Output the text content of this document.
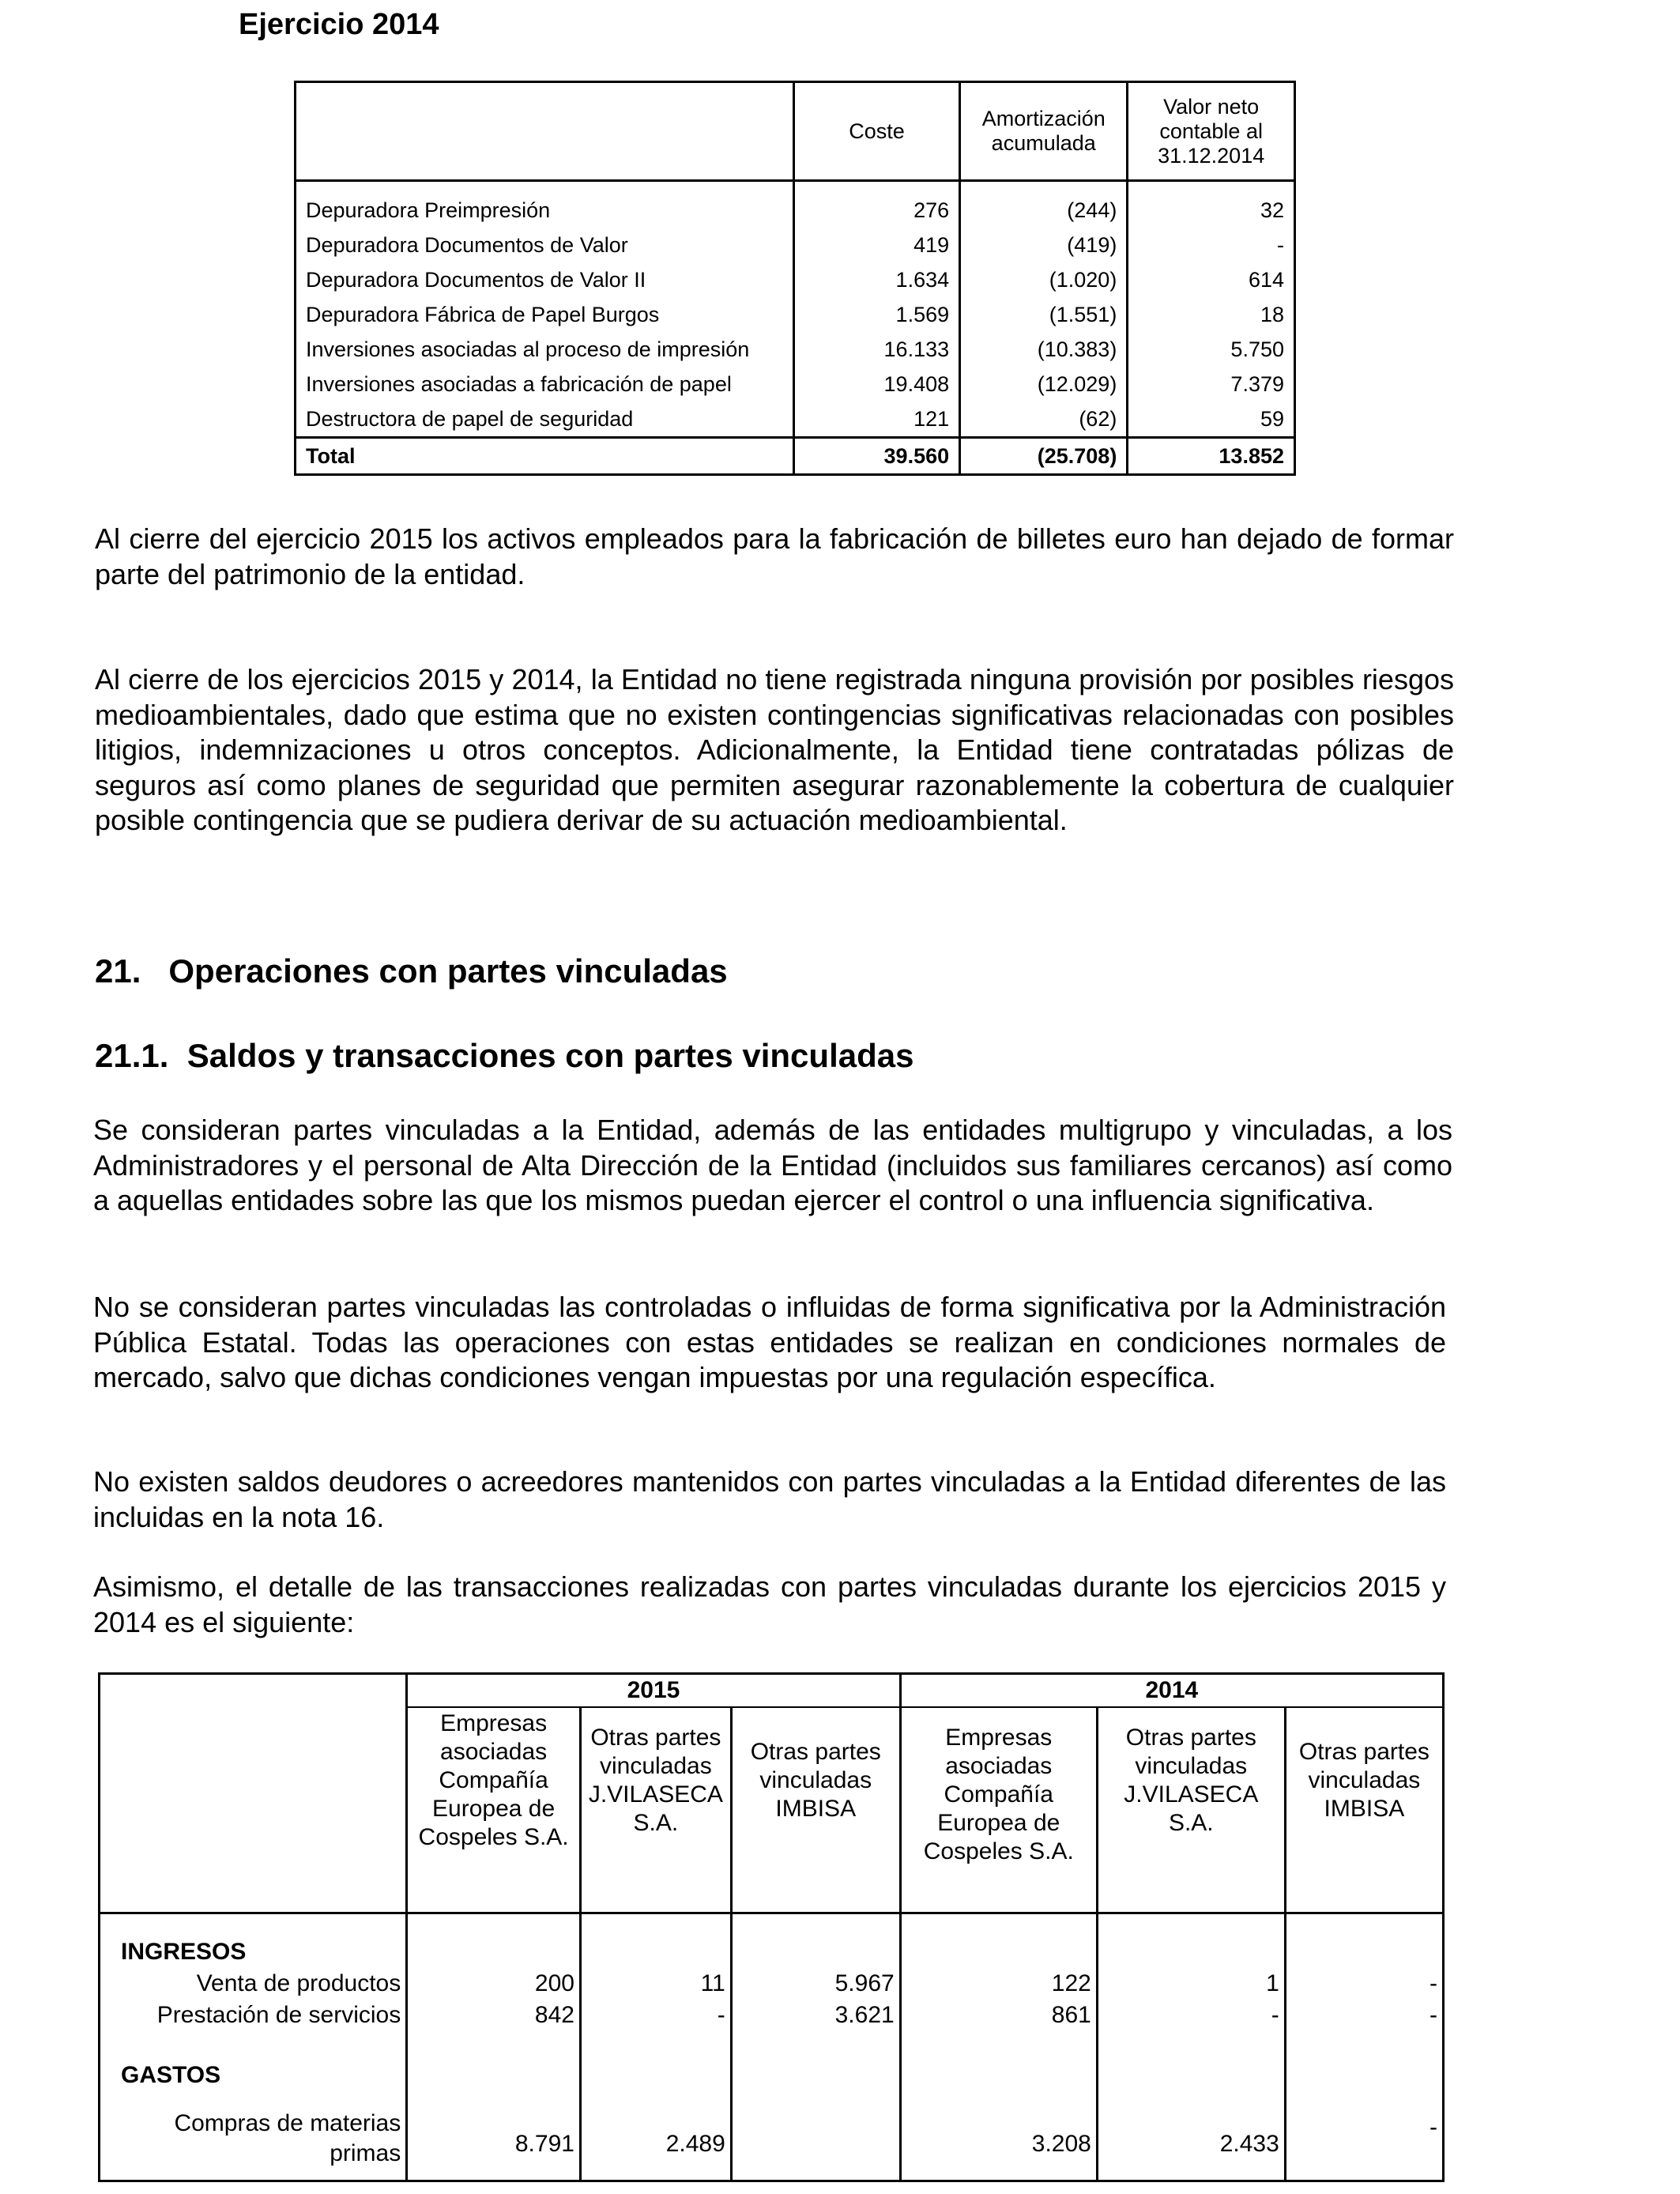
Ejercicio 2014
	Coste	Amortización acumulada	Valor neto contable al 31.12.2014
Depuradora Preimpresión	276	(244)	32
Depuradora Documentos de Valor	419	(419)	-
Depuradora Documentos de Valor II	1.634	(1.020)	614
Depuradora Fábrica de Papel Burgos	1.569	(1.551)	18
Inversiones asociadas al proceso de impresión	16.133	(10.383)	5.750
Inversiones asociadas a fabricación de papel	19.408	(12.029)	7.379
Destructora de papel de seguridad	121	(62)	59
Total	39.560	(25.708)	13.852

Al cierre del ejercicio 2015 los activos empleados para la fabricación de billetes euro han dejado de formar parte del patrimonio de la entidad.

Al cierre de los ejercicios 2015 y 2014, la Entidad no tiene registrada ninguna provisión por posibles riesgos medioambientales, dado que estima que no existen contingencias significativas relacionadas con posibles litigios, indemnizaciones u otros conceptos. Adicionalmente, la Entidad tiene contratadas pólizas de seguros así como planes de seguridad que permiten asegurar razonablemente la cobertura de cualquier posible contingencia que se pudiera derivar de su actuación medioambiental.

21.   Operaciones con partes vinculadas
21.1.  Saldos y transacciones con partes vinculadas

Se consideran partes vinculadas a la Entidad, además de las entidades multigrupo y vinculadas, a los Administradores y el personal de Alta Dirección de la Entidad (incluidos sus familiares cercanos) así como a aquellas entidades sobre las que los mismos puedan ejercer el control o una influencia significativa.

No se consideran partes vinculadas las controladas o influidas de forma significativa por la Administración Pública Estatal. Todas las operaciones con estas entidades se realizan en condiciones normales de mercado, salvo que dichas condiciones vengan impuestas por una regulación específica.

No existen saldos deudores o acreedores mantenidos con partes vinculadas a la Entidad diferentes de las incluidas en la nota 16.

Asimismo, el detalle de las transacciones realizadas con partes vinculadas durante los ejercicios 2015 y 2014 es el siguiente:

	2015			2014		
	Empresas asociadas Compañía Europea de Cospeles S.A.	Otras partes vinculadas J.VILASECA S.A.	Otras partes vinculadas IMBISA	Empresas asociadas Compañía Europea de Cospeles S.A.	Otras partes vinculadas J.VILASECA S.A.	Otras partes vinculadas IMBISA

INGRESOS						
Venta de productos	200	11	5.967	122	1	-
Prestación de servicios	842	-	3.621	861	-	-

GASTOS						

Compras de materias primas	8.791	2.489		3.208	2.433	-
